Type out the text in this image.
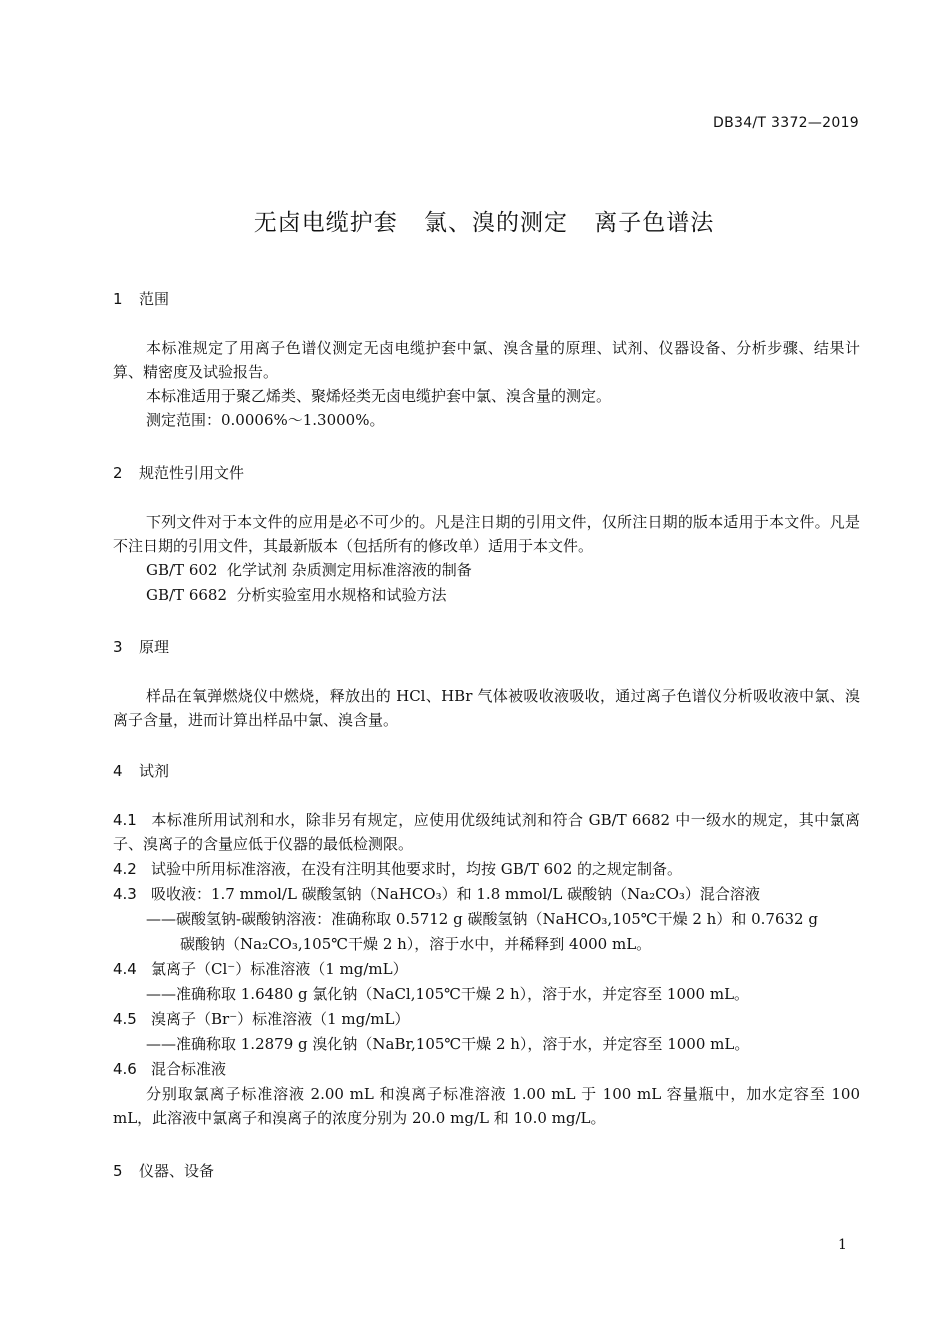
DB34/T 3372—2019
无卤电缆护套 氯、溴的测定 离子色谱法
1 范围
本标准规定了用离子色谱仪测定无卤电缆护套中氯、溴含量的原理、试剂、仪器设备、分析步骤、结果计算、精密度及试验报告。
本标准适用于聚乙烯类、聚烯烃类无卤电缆护套中氯、溴含量的测定。
测定范围：0.0006%～1.3000%。
2 规范性引用文件
下列文件对于本文件的应用是必不可少的。凡是注日期的引用文件，仅所注日期的版本适用于本文件。凡是不注日期的引用文件，其最新版本（包括所有的修改单）适用于本文件。
GB/T 602  化学试剂 杂质测定用标准溶液的制备
GB/T 6682  分析实验室用水规格和试验方法
3 原理
样品在氧弹燃烧仪中燃烧，释放出的 HCl、HBr 气体被吸收液吸收，通过离子色谱仪分析吸收液中氯、溴离子含量，进而计算出样品中氯、溴含量。
4 试剂
4.1 本标准所用试剂和水，除非另有规定，应使用优级纯试剂和符合 GB/T 6682 中一级水的规定，其中氯离子、溴离子的含量应低于仪器的最低检测限。
4.2 试验中所用标准溶液，在没有注明其他要求时，均按 GB/T 602 的之规定制备。
4.3 吸收液：1.7 mmol/L 碳酸氢钠（NaHCO₃）和 1.8 mmol/L 碳酸钠（Na₂CO₃）混合溶液
——碳酸氢钠-碳酸钠溶液：准确称取 0.5712 g 碳酸氢钠（NaHCO₃,105℃干燥 2 h）和 0.7632 g
碳酸钠（Na₂CO₃,105℃干燥 2 h），溶于水中，并稀释到 4000 mL。
4.4 氯离子（Cl⁻）标准溶液（1 mg/mL）
——准确称取 1.6480 g 氯化钠（NaCl,105℃干燥 2 h），溶于水，并定容至 1000 mL。
4.5 溴离子（Br⁻）标准溶液（1 mg/mL）
——准确称取 1.2879 g 溴化钠（NaBr,105℃干燥 2 h），溶于水，并定容至 1000 mL。
4.6 混合标准液
分别取氯离子标准溶液 2.00 mL 和溴离子标准溶液 1.00 mL 于 100 mL 容量瓶中，加水定容至 100 mL，此溶液中氯离子和溴离子的浓度分别为 20.0 mg/L 和 10.0 mg/L。
5 仪器、设备
1
